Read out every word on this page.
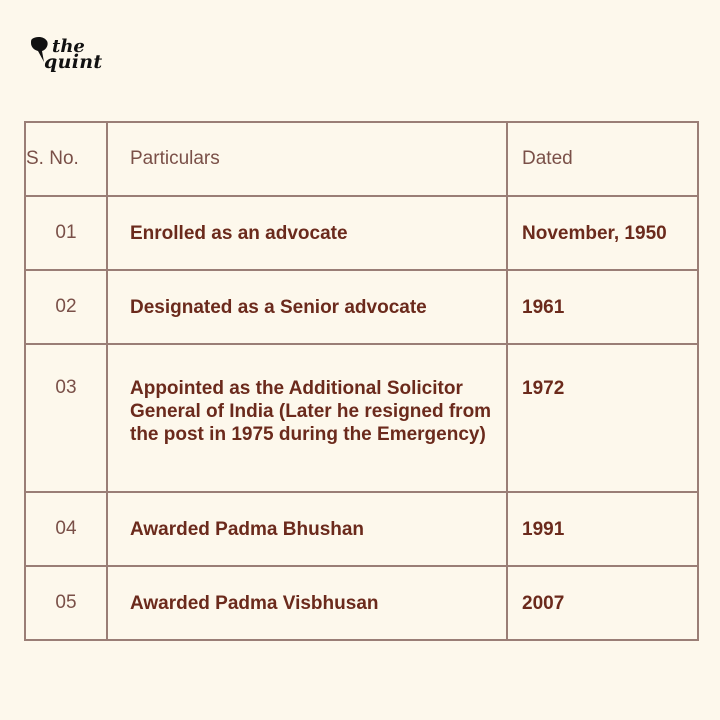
the
quint
S. No.	Particulars	Dated
01	Enrolled as an advocate	November, 1950
02	Designated as a Senior advocate	1961

03	Appointed as the Additional Solicitor General of India (Later he resigned from the post in 1975 during the Emergency)	1972

04	Awarded Padma Bhushan	1991
05	Awarded Padma Visbhusan	2007
